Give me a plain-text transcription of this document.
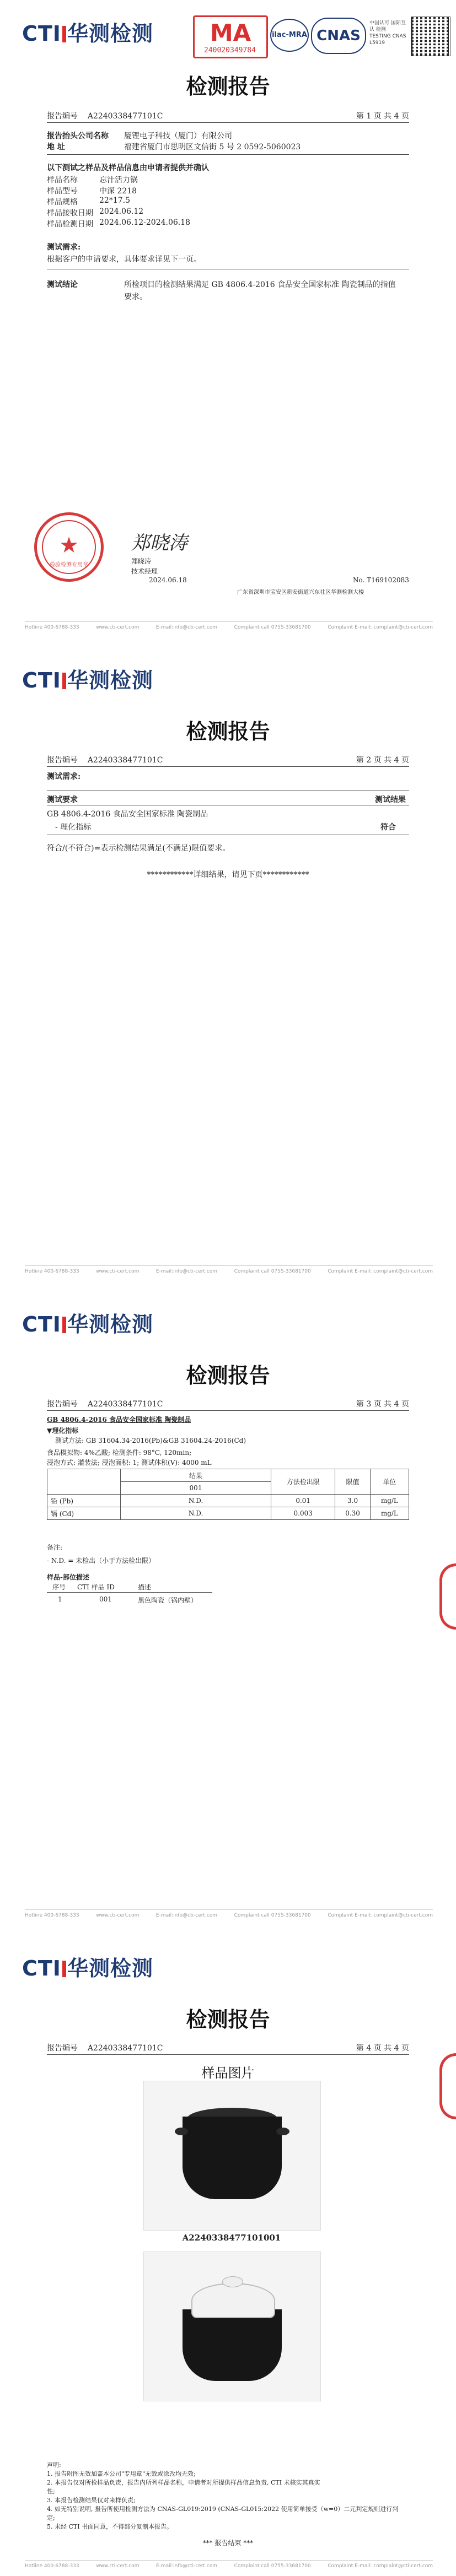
CTI 华测检测	MA
240020349784
ilac-MRA CNAS
中国认可 国际互认 检测 TESTING CNAS L5919
检测报告
报告编号 A2240338477101C	第 1 页 共 4 页
报告抬头公司名称 厦锂电子科技（厦门）有限公司
地 址	福建省厦门市思明区文信街 5 号 2 0592-5060023
以下测试之样品及样品信息由申请者提供并确认
样品名称	忘汁活力锅
样品型号	中深 2218
样品规格	22*17.5
样品接收日期 2024.06.12
样品检测日期 2024.06.12-2024.06.18
测试需求:
根据客户的申请要求，具体要求详见下一页。
测试结论	所检项目的检测结果满足 GB 4806.4-2016 食品安全国家标准 陶瓷制品的指值
要求。
★
检验检测专用章
郑晓涛
郑晓涛
技术经理
2024.06.18	No. T169102083
广东省深圳市宝安区新安街道兴东社区华测检测大楼
Hotline 400-6788-333	www.cti-cert.com	E-mail:info@cti-cert.com	Complaint call 0755-33681700	Complaint E-mail: complaint@cti-cert.com
CTI 华测检测
检测报告
报告编号 A2240338477101C	第 2 页 共 4 页
测试需求:
测试要求	测试结果
GB 4806.4-2016 食品安全国家标准 陶瓷制品
- 理化指标	符合
符合/(不符合)=表示检测结果满足(不满足)限值要求。
************详细结果，请见下页************
Hotline 400-6788-333	www.cti-cert.com	E-mail:info@cti-cert.com	Complaint call 0755-33681700	Complaint E-mail: complaint@cti-cert.com
CTI 华测检测
检测报告
报告编号 A2240338477101C	第 3 页 共 4 页
GB 4806.4-2016 食品安全国家标准 陶瓷制品
▼理化指标
测试方法: GB 31604.34-2016(Pb)&GB 31604.24-2016(Cd)
食品模拟物: 4%乙酸; 检测条件: 98°C, 120min;
浸泡方式: 灌装法; 浸泡面积: 1; 测试体积(V): 4000 mL
	结果	方法检出限	限值	单位
	001			
铅 (Pb)	N.D.	0.01	3.0	mg/L
镉 (Cd)	N.D.	0.003	0.30	mg/L
备注:
- N.D. = 未检出（小于方法检出限）
样品-部位描述
序号 CTI 样品 ID	描述
1	001	黑色陶瓷（锅内壁）
Hotline 400-6788-333	www.cti-cert.com	E-mail:info@cti-cert.com	Complaint call 0755-33681700	Complaint E-mail: complaint@cti-cert.com
CTI 华测检测
检测报告
报告编号 A2240338477101C	第 4 页 共 4 页
样品图片
A2240338477101001
声明:
1. 报告附图无效加盖本公司"专用章"无效或涂改均无效;
2. 本报告仅对所检样品负责，报告内所列样品名称，申请者对所提供样品信息负责, CTI 未核实其真实
性;
3. 本报告检测结果仅对来样负责;
4. 如无特别说明, 报告所使用检测方法为 CNAS-GL019:2019 (CNAS-GL015:2022 使用简单接受（w=0）二元判定规则进行判
定;
5. 未经 CTI 书面同意，不得部分复制本报告。
*** 报告结束 ***
Hotline 400-6788-333	www.cti-cert.com	E-mail:info@cti-cert.com	Complaint call 0755-33681700	Complaint E-mail: complaint@cti-cert.com
